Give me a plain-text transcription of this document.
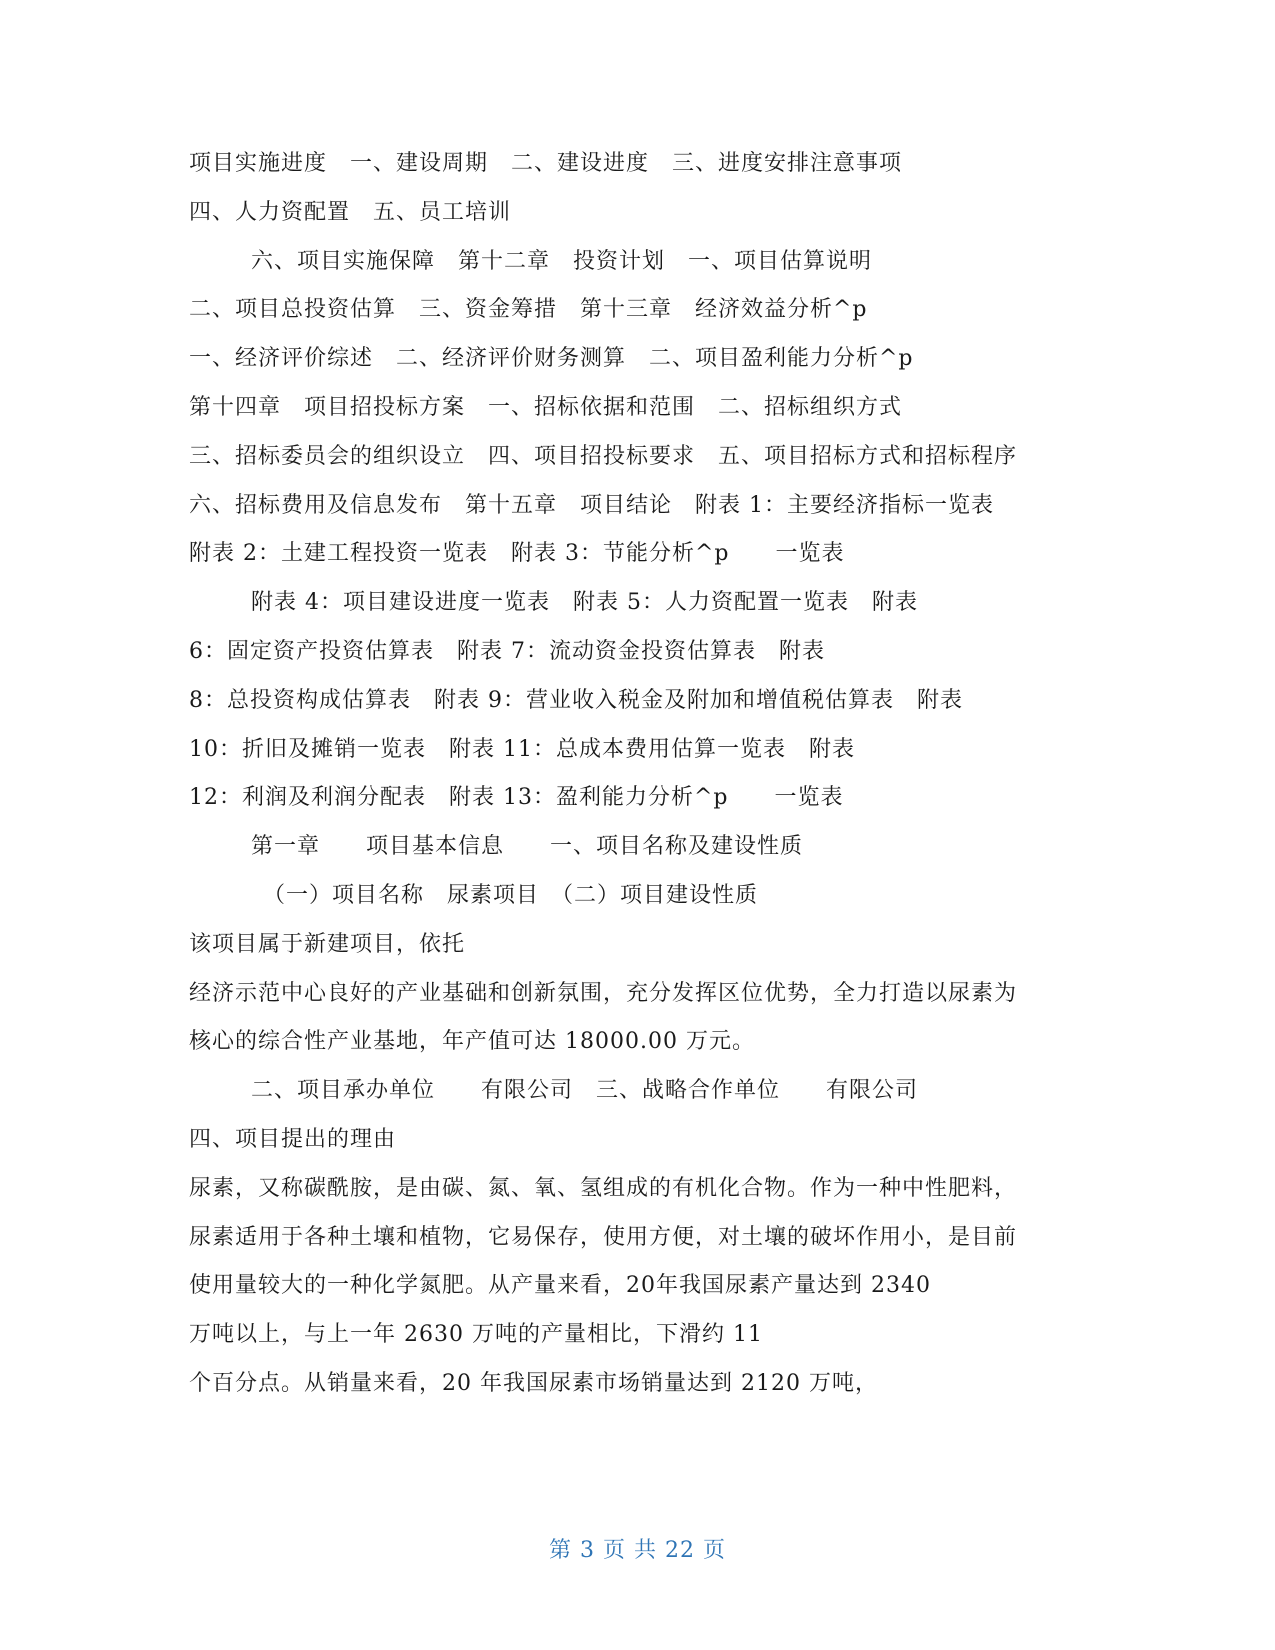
项目实施进度　一、建设周期　二、建设进度　三、进度安排注意事项
四、人力资配置　五、员工培训
六、项目实施保障　第十二章　投资计划　一、项目估算说明
二、项目总投资估算　三、资金筹措　第十三章　经济效益分析^p
一、经济评价综述　二、经济评价财务测算　二、项目盈利能力分析^p
第十四章　项目招投标方案　一、招标依据和范围　二、招标组织方式
三、招标委员会的组织设立　四、项目招投标要求　五、项目招标方式和招标程序
六、招标费用及信息发布　第十五章　项目结论　附表 1：主要经济指标一览表
附表 2：土建工程投资一览表　附表 3：节能分析^p　　一览表
附表 4：项目建设进度一览表　附表 5：人力资配置一览表　附表
6：固定资产投资估算表　附表 7：流动资金投资估算表　附表
8：总投资构成估算表　附表 9：营业收入税金及附加和增值税估算表　附表
10：折旧及摊销一览表　附表 11：总成本费用估算一览表　附表
12：利润及利润分配表　附表 13：盈利能力分析^p　　一览表
第一章　　项目基本信息　　一、项目名称及建设性质
（一）项目名称　尿素项目　（二）项目建设性质
该项目属于新建项目，依托
经济示范中心良好的产业基础和创新氛围，充分发挥区位优势，全力打造以尿素为
核心的综合性产业基地，年产值可达 18000.00 万元。
二、项目承办单位　　有限公司　三、战略合作单位　　有限公司
四、项目提出的理由
尿素，又称碳酰胺，是由碳、氮、氧、氢组成的有机化合物。作为一种中性肥料，
尿素适用于各种土壤和植物，它易保存，使用方便，对土壤的破坏作用小，是目前
使用量较大的一种化学氮肥。从产量来看，20年我国尿素产量达到 2340
万吨以上，与上一年 2630 万吨的产量相比，下滑约 11
个百分点。从销量来看，20 年我国尿素市场销量达到 2120 万吨，
第 3 页 共 22 页
